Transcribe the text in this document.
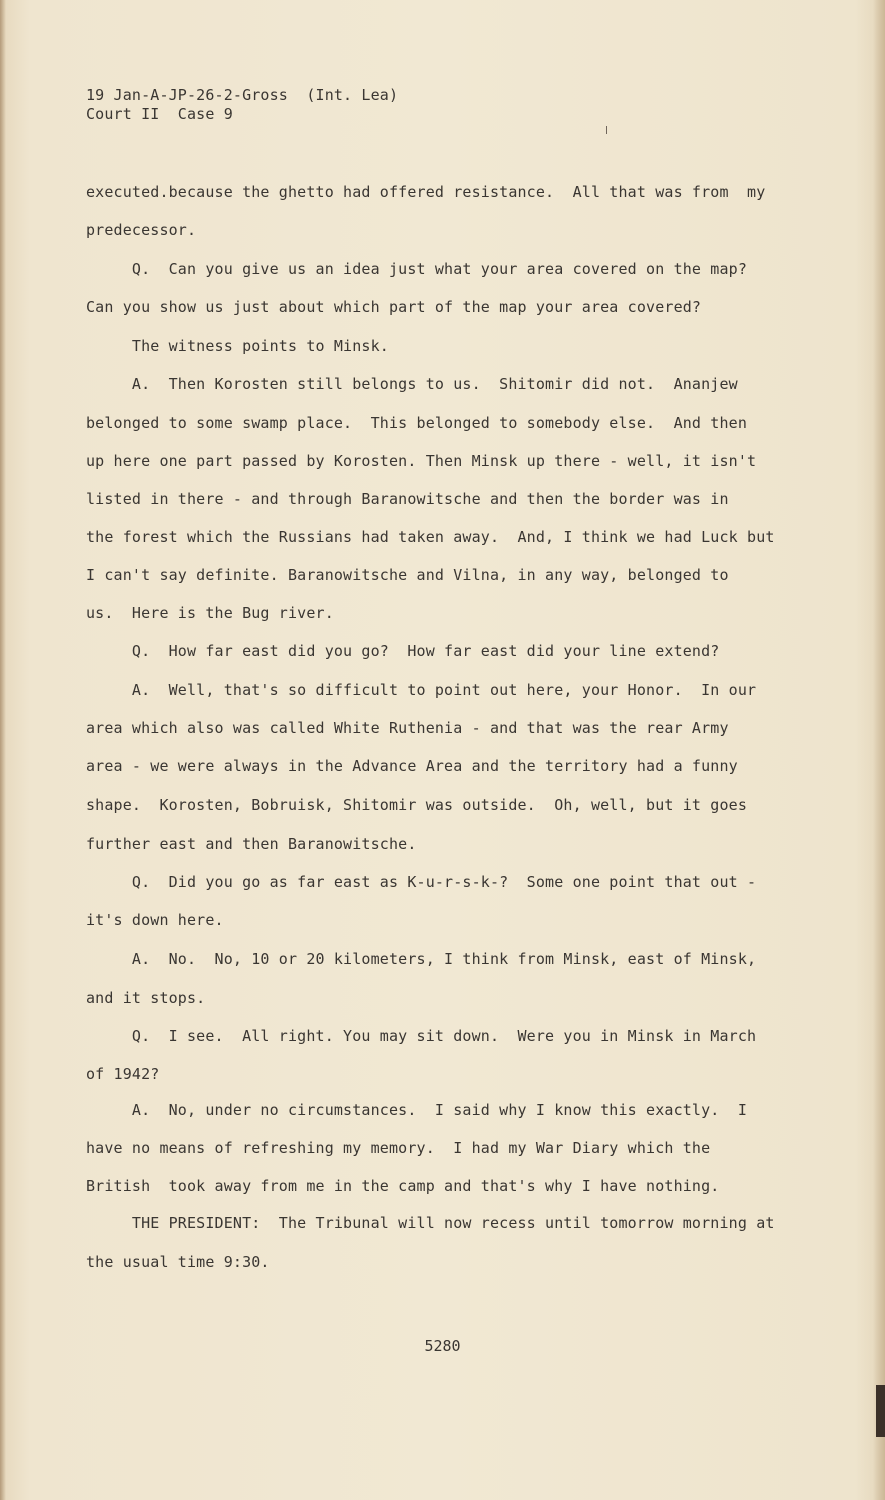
19 Jan-A-JP-26-2-Gross  (Int. Lea)
Court II  Case 9
executed.because the ghetto had offered resistance.  All that was from  my
predecessor.
Q.  Can you give us an idea just what your area covered on the map?
Can you show us just about which part of the map your area covered?
The witness points to Minsk.
A.  Then Korosten still belongs to us.  Shitomir did not.  Ananjew
belonged to some swamp place.  This belonged to somebody else.  And then
up here one part passed by Korosten. Then Minsk up there - well, it isn't
listed in there - and through Baranowitsche and then the border was in
the forest which the Russians had taken away.  And, I think we had Luck but
I can't say definite. Baranowitsche and Vilna, in any way, belonged to
us.  Here is the Bug river.
Q.  How far east did you go?  How far east did your line extend?
A.  Well, that's so difficult to point out here, your Honor.  In our
area which also was called White Ruthenia - and that was the rear Army
area - we were always in the Advance Area and the territory had a funny
shape.  Korosten, Bobruisk, Shitomir was outside.  Oh, well, but it goes
further east and then Baranowitsche.
Q.  Did you go as far east as K-u-r-s-k-?  Some one point that out -
it's down here.
A.  No.  No, 10 or 20 kilometers, I think from Minsk, east of Minsk,
and it stops.
Q.  I see.  All right. You may sit down.  Were you in Minsk in March
of 1942?
A.  No, under no circumstances.  I said why I know this exactly.  I
have no means of refreshing my memory.  I had my War Diary which the
British  took away from me in the camp and that's why I have nothing.
THE PRESIDENT:  The Tribunal will now recess until tomorrow morning at
the usual time 9:30.
5280
